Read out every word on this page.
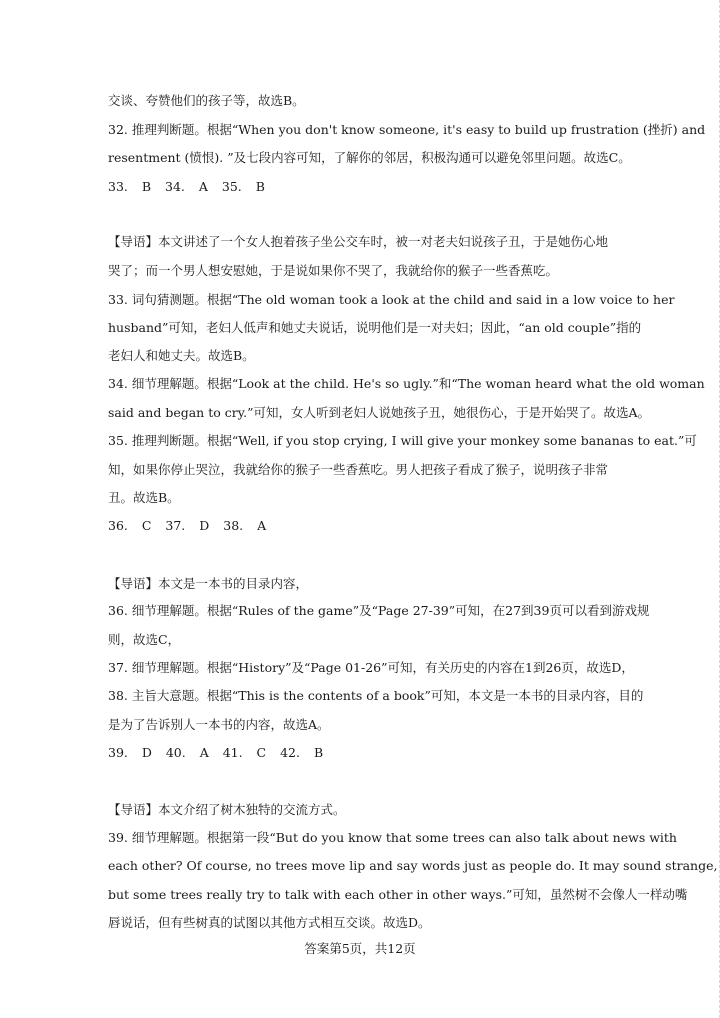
交谈、夸赞他们的孩子等，故选B。
32. 推理判断题。根据“When you don't know someone, it's easy to build up frustration (挫折) and
resentment (愤恨). ”及七段内容可知，了解你的邻居，积极沟通可以避免邻里问题。故选C。
33. B 34. A 35. B
【导语】本文讲述了一个女人抱着孩子坐公交车时，被一对老夫妇说孩子丑，于是她伤心地
哭了；而一个男人想安慰她，于是说如果你不哭了，我就给你的猴子一些香蕉吃。
33. 词句猜测题。根据“The old woman took a look at the child and said in a low voice to her
husband”可知，老妇人低声和她丈夫说话，说明他们是一对夫妇；因此，“an old couple”指的
老妇人和她丈夫。故选B。
34. 细节理解题。根据“Look at the child. He's so ugly.”和“The woman heard what the old woman
said and began to cry.”可知，女人听到老妇人说她孩子丑，她很伤心，于是开始哭了。故选A。
35. 推理判断题。根据“Well, if you stop crying, I will give your monkey some bananas to eat.”可
知，如果你停止哭泣，我就给你的猴子一些香蕉吃。男人把孩子看成了猴子，说明孩子非常
丑。故选B。
36. C 37. D 38. A
【导语】本文是一本书的目录内容，
36. 细节理解题。根据“Rules of the game”及“Page 27-39”可知，在27到39页可以看到游戏规
则，故选C，
37. 细节理解题。根据“History”及“Page 01-26”可知，有关历史的内容在1到26页，故选D，
38. 主旨大意题。根据“This is the contents of a book”可知，本文是一本书的目录内容，目的
是为了告诉别人一本书的内容，故选A。
39. D 40. A 41. C 42. B
【导语】本文介绍了树木独特的交流方式。
39. 细节理解题。根据第一段“But do you know that some trees can also talk about news with
each other? Of course, no trees move lip and say words just as people do. It may sound strange,
but some trees really try to talk with each other in other ways.”可知，虽然树不会像人一样动嘴
唇说话，但有些树真的试图以其他方式相互交谈。故选D。
答案第5页，共12页
